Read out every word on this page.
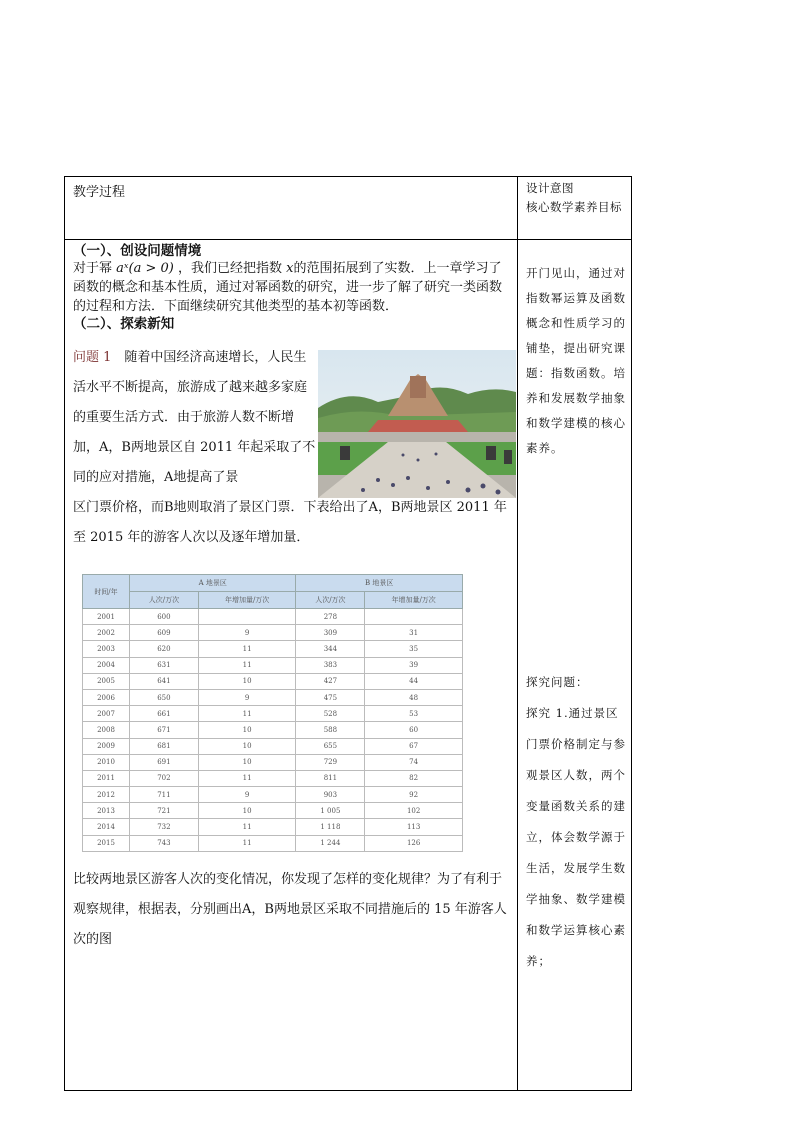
教学过程	设计意图
核心数学素养目标

（一）、创设问题情境

对于幂 aˣ(a > 0) ，我们已经把指数 x的范围拓展到了实数．上一章学习了函数的概念和基本性质，通过对幂函数的研究，进一步了解了研究一类函数的过程和方法．下面继续研究其他类型的基本初等函数．

（二）、探索新知

问题 1　随着中国经济高速增长，人民生活水平不断提高，旅游成了越来越多家庭的重要生活方式．由于旅游人数不断增加，A，B两地景区自 2011 年起采取了不同的应对措施，A地提高了景
区门票价格，而B地则取消了景区门票．下表给出了A，B两地景区 2011 年至 2015 年的游客人次以及逐年增加量．
比较两地景区游客人次的变化情况，你发现了怎样的变化规律？为了有利于观察规律，根据表，分别画出A，B两地景区采取不同措施后的 15 年游客人次的图
开门见山，通过对指数幂运算及函数概念和性质学习的铺垫，提出研究课题：指数函数。培养和发展数学抽象和数学建模的核心素养。
探究问题：
探究 1.通过景区门票价格制定与参观景区人数，两个变量函数关系的建立，体会数学源于生活，发展学生数学抽象、数学建模和数学运算核心素养；
时间/年	A 地景区		B 地景区	
	人次/万次	年增加量/万次	人次/万次	年增加量/万次
2001	600		278	
2002	609	9	309	31
2003	620	11	344	35
2004	631	11	383	39
2005	641	10	427	44
2006	650	9	475	48
2007	661	11	528	53
2008	671	10	588	60
2009	681	10	655	67
2010	691	10	729	74
2011	702	11	811	82
2012	711	9	903	92
2013	721	10	1 005	102
2014	732	11	1 118	113
2015	743	11	1 244	126
